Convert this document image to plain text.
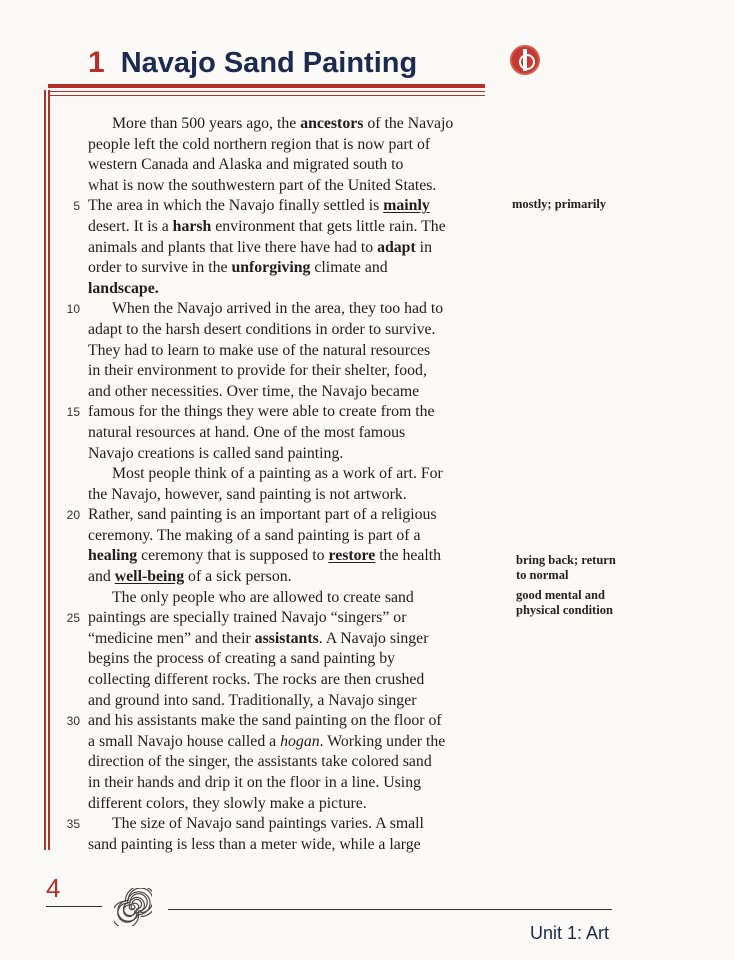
1 Navajo Sand Painting
More than 500 years ago, the ancestors of the Navajo
people left the cold northern region that is now part of
western Canada and Alaska and migrated south to
what is now the southwestern part of the United States.
5 The area in which the Navajo finally settled is mainly
desert. It is a harsh environment that gets little rain. The
animals and plants that live there have had to adapt in
order to survive in the unforgiving climate and
landscape.
10 When the Navajo arrived in the area, they too had to
adapt to the harsh desert conditions in order to survive.
They had to learn to make use of the natural resources
in their environment to provide for their shelter, food,
and other necessities. Over time, the Navajo became
15 famous for the things they were able to create from the
natural resources at hand. One of the most famous
Navajo creations is called sand painting.
Most people think of a painting as a work of art. For
the Navajo, however, sand painting is not artwork.
20 Rather, sand painting is an important part of a religious
ceremony. The making of a sand painting is part of a
healing ceremony that is supposed to restore the health
and well-being of a sick person.
The only people who are allowed to create sand
25 paintings are specially trained Navajo “singers” or
“medicine men” and their assistants. A Navajo singer
begins the process of creating a sand painting by
collecting different rocks. The rocks are then crushed
and ground into sand. Traditionally, a Navajo singer
30 and his assistants make the sand painting on the floor of
a small Navajo house called a hogan. Working under the
direction of the singer, the assistants take colored sand
in their hands and drip it on the floor in a line. Using
different colors, they slowly make a picture.
35 The size of Navajo sand paintings varies. A small
sand painting is less than a meter wide, while a large
mostly; primarily
bring back; return to normal
good mental and physical condition
4
Unit 1: Art
